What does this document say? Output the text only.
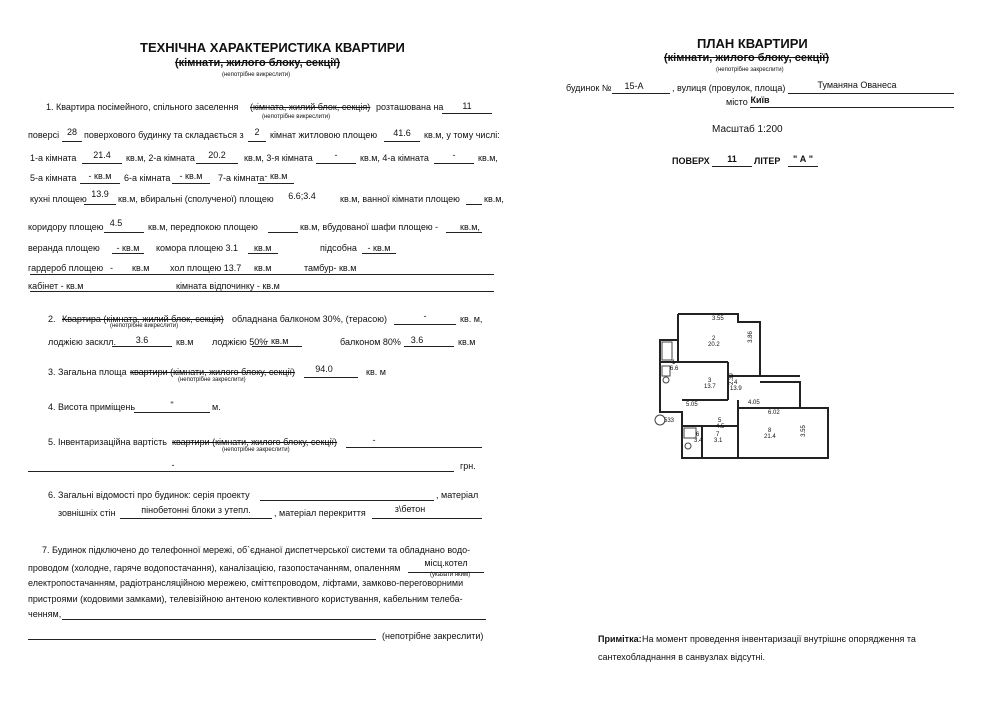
ТЕХНІЧНА ХАРАКТЕРИСТИКА КВАРТИРИ
(кімнати, жилого блоку, секції)
(непотрібне викреслити)
1. Квартира посімейного, спільного заселення (кімната, жилий блок, секція) розташована на	11
(непотрібне викреслити)
поверсі 28 поверхового будинку та складається з	2	кімнат житловою площею	41.6	кв.м, у тому числі:
1-а кімната	21.4	кв.м, 2-а кімната	20.2	кв.м, 3-я кімната	-	кв.м, 4-а кімната	-	кв.м,
5-а кімната	- кв.м	6-а кімната	- кв.м	7-а кімната - кв.м
кухні площею 13.9	кв.м, вбиральні (сполученої) площею	6.6;3.4	кв.м, ванної кімнати площею	кв.м,
коридору площею 4.5	кв.м, передпокою площею	кв.м, вбудованої шафи площею - кв.м,
веранда площею	- кв.м	комора площею 3.1 кв.м	підсобна	- кв.м
гардероб площею - кв.м хол площею 13.7 кв.м	тамбур- кв.м
кабінет - кв.м	кімната відпочинку - кв.м
2. Квартира (кімната, жилий блок, секція) обладнана балконом 30%, (терасою)	-	кв. м,
(непотрібне викреслити)
лоджією засклл.	3.6	кв.м лоджією 50%
- кв.м	балконом 80%	3.6	кв.м
3. Загальна площа квартири (кімнати, жилого блоку, секції)	94.0	кв. м
(непотрібне закреслити)
4. Висота приміщень	"	м.
5. Інвентаризаційна вартість квартири (кімнати, жилого блоку, секції)	-
(непотрібне закреслити)
-	грн.
6. Загальні відомості про будинок: серія проекту	, матеріал
зовнішніх стін	пінобетонні блоки з утепл.	, матеріал перекриття	з\бетон
7. Будинок підключено до телефонної мережі, об`єднаної диспетчерської системи та обладнано водо-
проводом (холодне, гаряче водопостачання), каналізацією, газопостачанням, опаленням	місц.котел
(указати яким)
електропостачанням, радіотрансляційною мережею, сміттєпроводом, ліфтами, замково-переговорними
пристроями (кодовими замками), телевізійною антеною колективного користування, кабельним телеба-
ченням,
(непотрібне закреслити)
ПЛАН КВАРТИРИ
(кімнати, жилого блоку, секції)
(непотрібне закреслити)
будинок №	15-А	, вулиця (провулок, площа)	Туманяна Ованеса
місто Київ
Масштаб 1:200
ПОВЕРХ	11	ЛІТЕР	" А "
3.55
3.86
2.39
4.05
6.02
5.05
3.55
2
20.2
4
13.9
3
13.7
8
21.4
7
3.1
6
3.4
5
4.5
1
6.6
533
Примітка: На момент проведення інвентаризації внутрішнє опорядження та
сантехобладнання в санвузлах відсутні.
